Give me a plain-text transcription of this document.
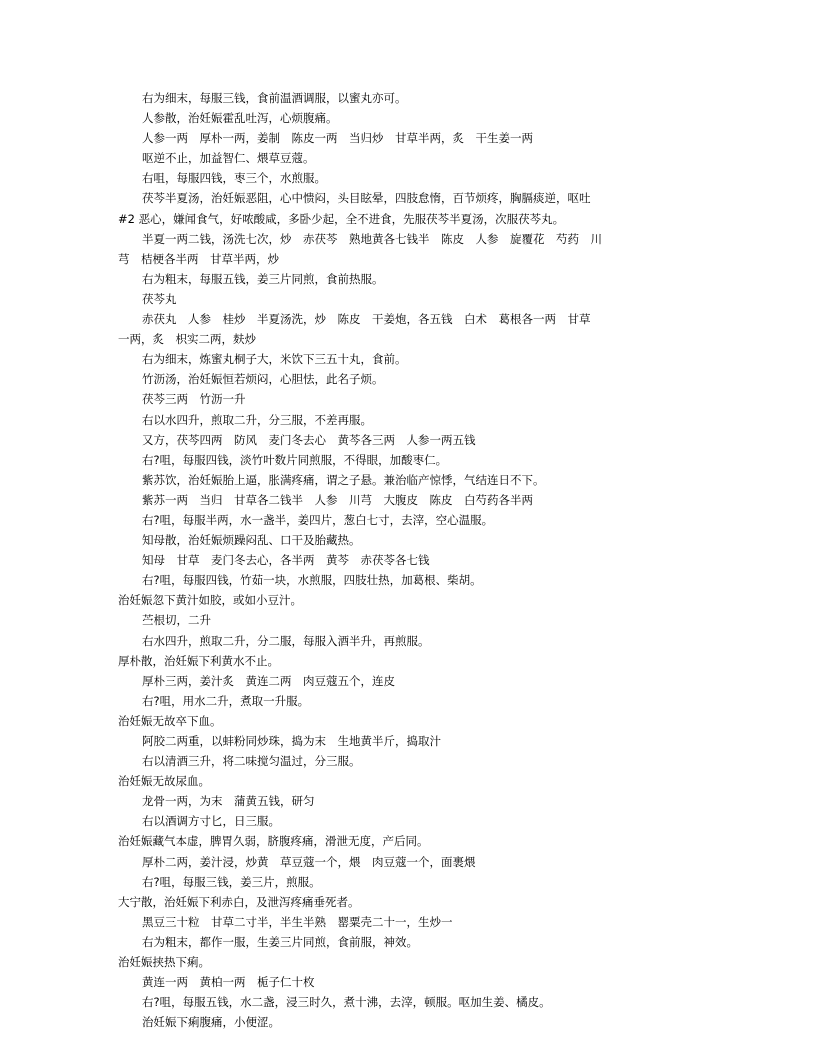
右为细末，每服三钱，食前温酒调服，以蜜丸亦可。
人参散，治妊娠霍乱吐泻，心烦腹痛。
人参一两　厚朴一两，姜制　陈皮一两　当归炒　甘草半两，炙　干生姜一两
呕逆不止，加益智仁、煨草豆蔻。
右咀，每服四钱，枣三个，水煎服。
茯芩半夏汤，治妊娠恶阻，心中愦闷，头目眩晕，四肢怠惰，百节烦疼，胸膈痰逆，呕吐
#2 恶心，嫌闻食气，好哝酸咸，多卧少起，全不进食，先服茯芩半夏汤，次服茯芩丸。
半夏一两二钱，汤洗七次，炒　赤茯芩　熟地黄各七钱半　陈皮　人参　旋覆花　芍药　川
芎　桔梗各半两　甘草半两，炒
右为粗末，每服五钱，姜三片同煎，食前热服。
茯芩丸
赤茯丸　人参　桂炒　半夏汤洗，炒　陈皮　干姜炮，各五钱　白术　葛根各一两　甘草
一两，炙　枳实二两，麸炒
右为细末，炼蜜丸桐子大，米饮下三五十丸，食前。
竹沥汤，治妊娠恒若烦闷，心胆怯，此名子烦。
茯芩三两　竹沥一升
右以水四升，煎取二升，分三服，不差再服。
又方，茯芩四两　防风　麦门冬去心　黄芩各三两　人参一两五钱
右?咀，每服四钱，淡竹叶数片同煎服，不得眼，加酸枣仁。
紫苏饮，治妊娠胎上逼，胀满疼痛，谓之子悬。兼治临产惊悸，气结连日不下。
紫苏一两　当归　甘草各二钱半　人参　川芎　大腹皮　陈皮　白芍药各半两
右?咀，每服半两，水一盏半，姜四片，葱白七寸，去滓，空心温服。
知母散，治妊娠烦躁闷乱、口干及胎藏热。
知母　甘草　麦门冬去心，各半两　黄芩　赤茯苓各七钱
右?咀，每服四钱，竹茹一块，水煎服，四肢壮热，加葛根、柴胡。
治妊娠忽下黄汁如胶，或如小豆汁。
苎根切，二升
右水四升，煎取二升，分二服，每服入酒半升，再煎服。
厚朴散，治妊娠下利黄水不止。
厚朴三两，姜汁炙　黄连二两　肉豆蔻五个，连皮
右?咀，用水二升，煮取一升服。
治妊娠无故卒下血。
阿胶二两重，以蚌粉同炒珠，捣为末　生地黄半斤，捣取汁
右以清酒三升，将二味搅匀温过，分三服。
治妊娠无故尿血。
龙骨一两，为末　蒲黄五钱，研匀
右以酒调方寸匕，日三服。
治妊娠藏气本虚，脾胃久弱，脐腹疼痛，滑泄无度，产后同。
厚朴二两，姜汁浸，炒黄　草豆蔻一个，煨　肉豆蔻一个，面裹煨
右?咀，每服三钱，姜三片，煎服。
大宁散，治妊娠下利赤白，及泄泻疼痛垂死者。
黑豆三十粒　甘草二寸半，半生半熟　罂粟壳二十一，生炒一
右为粗末，都作一服，生姜三片同煎，食前服，神效。
治妊娠挟热下痢。
黄连一两　黄柏一两　栀子仁十枚
右?咀，每服五钱，水二盏，浸三时久，煮十沸，去滓，顿服。呕加生姜、橘皮。
治妊娠下痢腹痛，小便涩。
